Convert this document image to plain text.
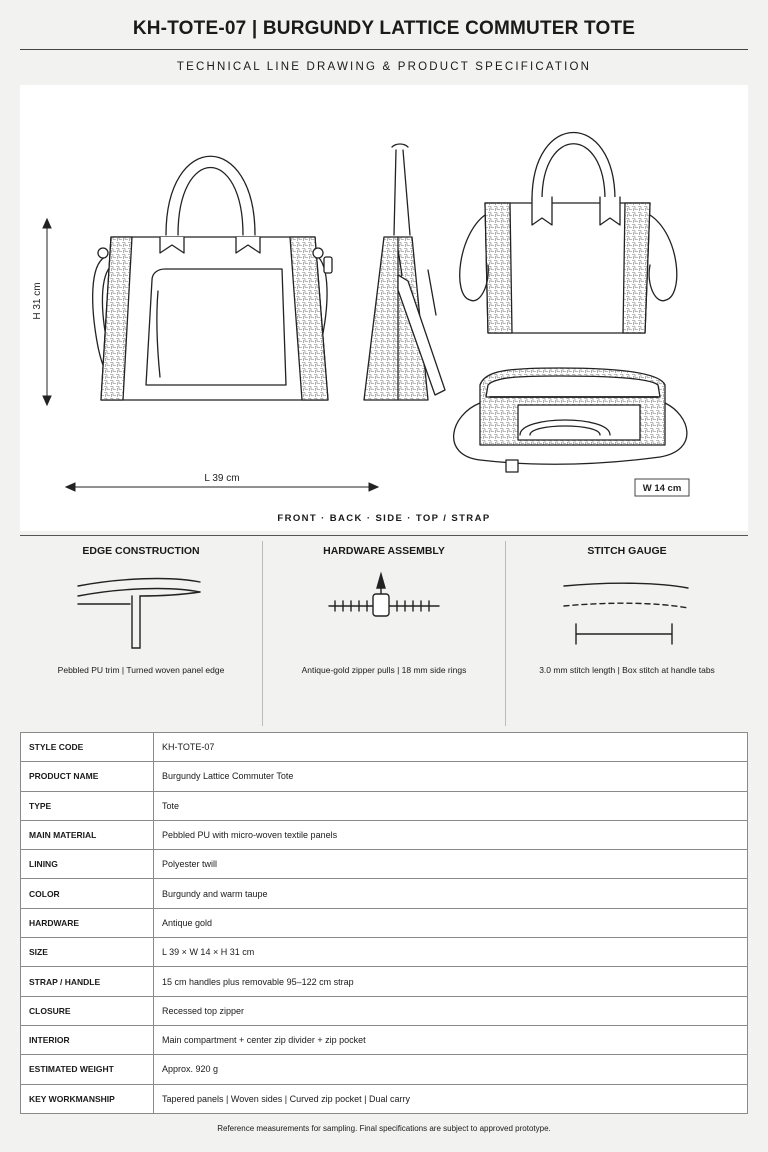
KH-TOTE-07 | BURGUNDY LATTICE COMMUTER TOTE
TECHNICAL LINE DRAWING & PRODUCT SPECIFICATION
H 31 cm
L 39 cm
W 14 cm
FRONT · BACK · SIDE · TOP / STRAP
EDGE CONSTRUCTION
Pebbled PU trim | Turned woven panel edge
HARDWARE ASSEMBLY
Antique-gold zipper pulls | 18 mm side rings
STITCH GAUGE
3.0 mm stitch length | Box stitch at handle tabs
STYLE CODE	KH-TOTE-07
PRODUCT NAME	Burgundy Lattice Commuter Tote
TYPE	Tote
MAIN MATERIAL	Pebbled PU with micro-woven textile panels
LINING	Polyester twill
COLOR	Burgundy and warm taupe
HARDWARE	Antique gold
SIZE	L 39 × W 14 × H 31 cm
STRAP / HANDLE	15 cm handles plus removable 95–122 cm strap
CLOSURE	Recessed top zipper
INTERIOR	Main compartment + center zip divider + zip pocket
ESTIMATED WEIGHT	Approx. 920 g
KEY WORKMANSHIP	Tapered panels | Woven sides | Curved zip pocket | Dual carry
Reference measurements for sampling. Final specifications are subject to approved prototype.
